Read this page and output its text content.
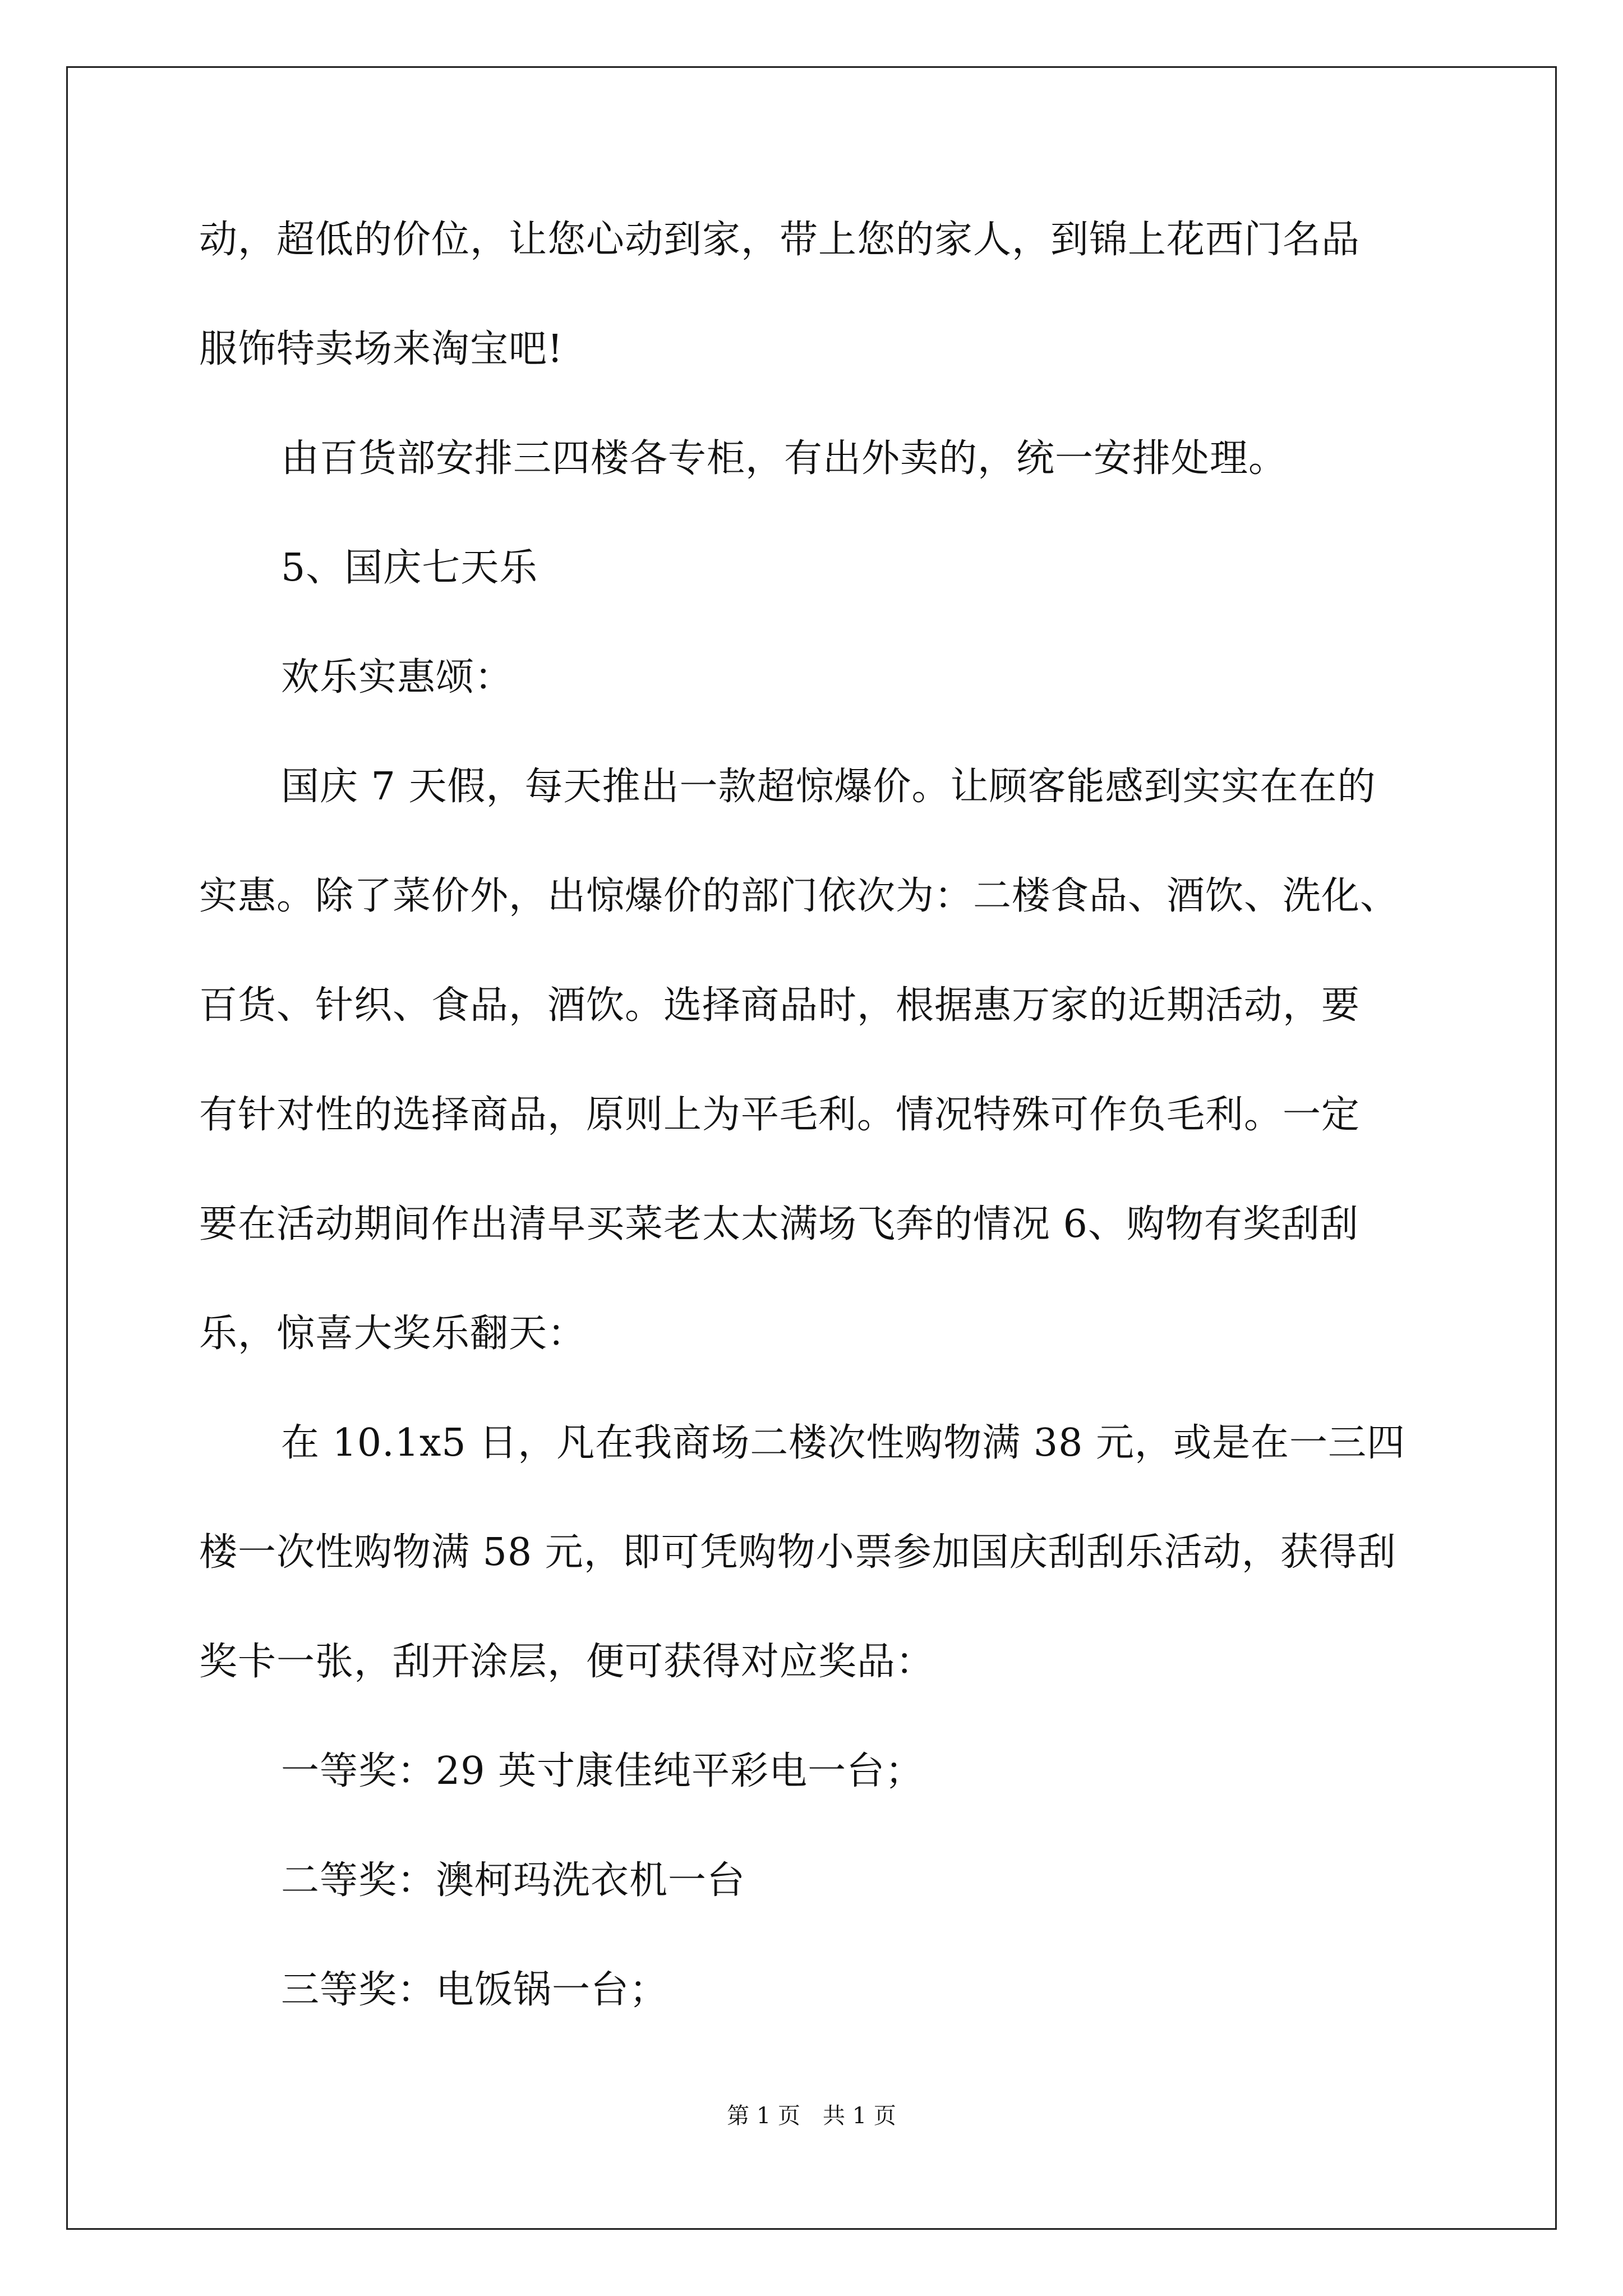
动，超低的价位，让您心动到家，带上您的家人，到锦上花西门名品
服饰特卖场来淘宝吧!
由百货部安排三四楼各专柜，有出外卖的，统一安排处理。
5、国庆七天乐
欢乐实惠颂：
国庆 7 天假，每天推出一款超惊爆价。让顾客能感到实实在在的
实惠。除了菜价外，出惊爆价的部门依次为：二楼食品、酒饮、洗化、
百货、针织、食品，酒饮。选择商品时，根据惠万家的近期活动，要
有针对性的选择商品，原则上为平毛利。情况特殊可作负毛利。一定
要在活动期间作出清早买菜老太太满场飞奔的情况 6、购物有奖刮刮
乐，惊喜大奖乐翻天：
在 10.1x5 日，凡在我商场二楼次性购物满 38 元，或是在一三四
楼一次性购物满 58 元，即可凭购物小票参加国庆刮刮乐活动，获得刮
奖卡一张，刮开涂层，便可获得对应奖品：
一等奖：29 英寸康佳纯平彩电一台；
二等奖：澳柯玛洗衣机一台
三等奖：电饭锅一台；
第 1 页　共 1 页
